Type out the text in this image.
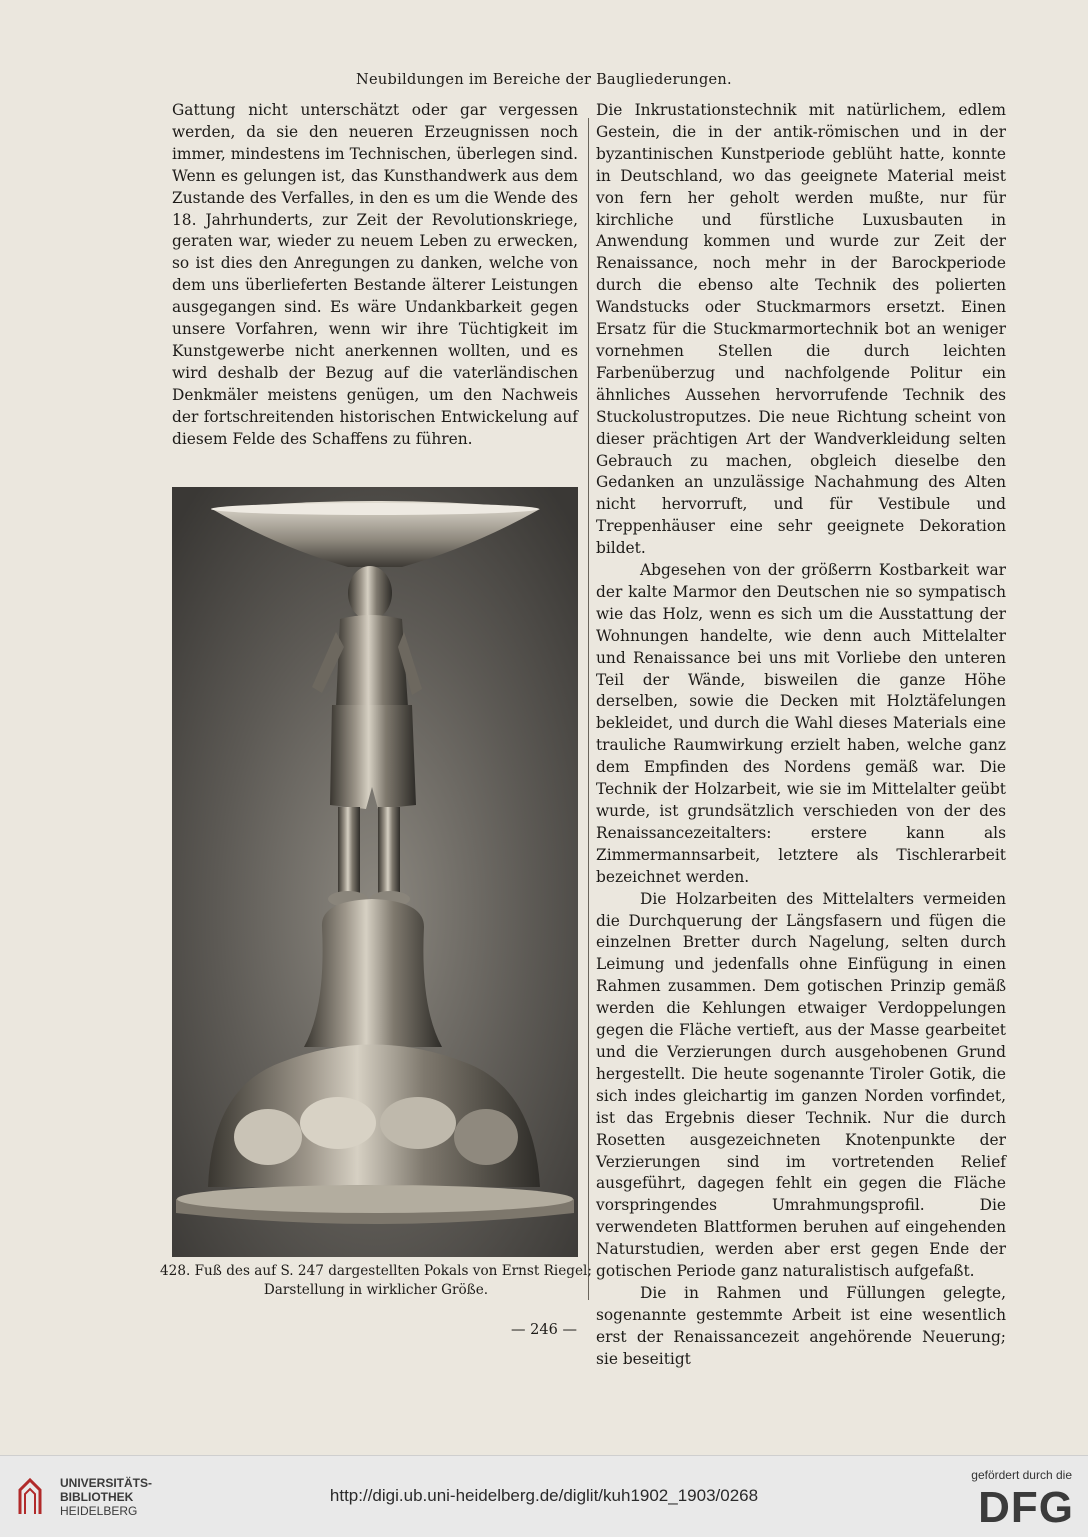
Neubildungen im Bereiche der Baugliederungen.

Gattung nicht unterschätzt oder gar vergessen werden, da sie den neueren Erzeugnissen noch immer, mindestens im Technischen, überlegen sind. Wenn es gelungen ist, das Kunsthandwerk aus dem Zustande des Verfalles, in den es um die Wende des 18. Jahrhunderts, zur Zeit der Revolutionskriege, geraten war, wieder zu neuem Leben zu erwecken, so ist dies den Anregungen zu danken, welche von dem uns überlieferten Bestande älterer Leistungen ausgegangen sind. Es wäre Undankbarkeit gegen unsere Vorfahren, wenn wir ihre Tüchtigkeit im Kunstgewerbe nicht anerkennen wollten, und es wird deshalb der Bezug auf die vaterländischen Denkmäler meistens genügen, um den Nachweis der fortschreitenden historischen Entwickelung auf diesem Felde des Schaffens zu führen.

Die Inkrustationstechnik mit natürlichem, edlem Gestein, die in der antik-römischen und in der byzantinischen Kunstperiode geblüht hatte, konnte in Deutschland, wo das geeignete Material meist von fern her geholt werden mußte, nur für kirchliche und fürstliche Luxusbauten in Anwendung kommen und wurde zur Zeit der Renaissance, noch mehr in der Barockperiode durch die ebenso alte Technik des polierten Wandstucks oder Stuckmarmors ersetzt. Einen Ersatz für die Stuckmarmortechnik bot an weniger vornehmen Stellen die durch leichten Farbenüberzug und nachfolgende Politur ein ähnliches Aussehen hervorrufende Technik des Stuckolustroputzes. Die neue Richtung scheint von dieser prächtigen Art der Wandverkleidung selten Gebrauch zu machen, obgleich dieselbe den Gedanken an unzulässige Nachahmung des Alten nicht hervorruft, und für Vestibule und Treppenhäuser eine sehr geeignete Dekoration bildet.

Abgesehen von der größerrn Kostbarkeit war der kalte Marmor den Deutschen nie so sympatisch wie das Holz, wenn es sich um die Ausstattung der Wohnungen handelte, wie denn auch Mittelalter und Renaissance bei uns mit Vorliebe den unteren Teil der Wände, bisweilen die ganze Höhe derselben, sowie die Decken mit Holztäfelungen bekleidet, und durch die Wahl dieses Materials eine trauliche Raumwirkung erzielt haben, welche ganz dem Empfinden des Nordens gemäß war. Die Technik der Holzarbeit, wie sie im Mittelalter geübt wurde, ist grundsätzlich verschieden von der des Renaissancezeitalters: erstere kann als Zimmermannsarbeit, letztere als Tischlerarbeit bezeichnet werden.

Die Holzarbeiten des Mittelalters vermeiden die Durchquerung der Längsfasern und fügen die einzelnen Bretter durch Nagelung, selten durch Leimung und jedenfalls ohne Einfügung in einen Rahmen zusammen. Dem gotischen Prinzip gemäß werden die Kehlungen etwaiger Verdoppelungen gegen die Fläche vertieft, aus der Masse gearbeitet und die Verzierungen durch ausgehobenen Grund hergestellt. Die heute sogenannte Tiroler Gotik, die sich indes gleichartig im ganzen Norden vorfindet, ist das Ergebnis dieser Technik. Nur die durch Rosetten ausgezeichneten Knotenpunkte der Verzierungen sind im vortretenden Relief ausgeführt, dagegen fehlt ein gegen die Fläche vorspringendes Umrahmungsprofil. Die verwendeten Blattformen beruhen auf eingehenden Naturstudien, werden aber erst gegen Ende der gotischen Periode ganz naturalistisch aufgefaßt.

Die in Rahmen und Füllungen gelegte, sogenannte gestemmte Arbeit ist eine wesentlich erst der Renaissancezeit angehörende Neuerung; sie beseitigt

428. Fuß des auf S. 247 dargestellten Pokals von Ernst Riegel;
Darstellung in wirklicher Größe.
— 246 —
UNIVERSITÄTS-
BIBLIOTHEK
HEIDELBERG
http://digi.ub.uni-heidelberg.de/diglit/kuh1902_1903/0268
gefördert durch die
DFG
